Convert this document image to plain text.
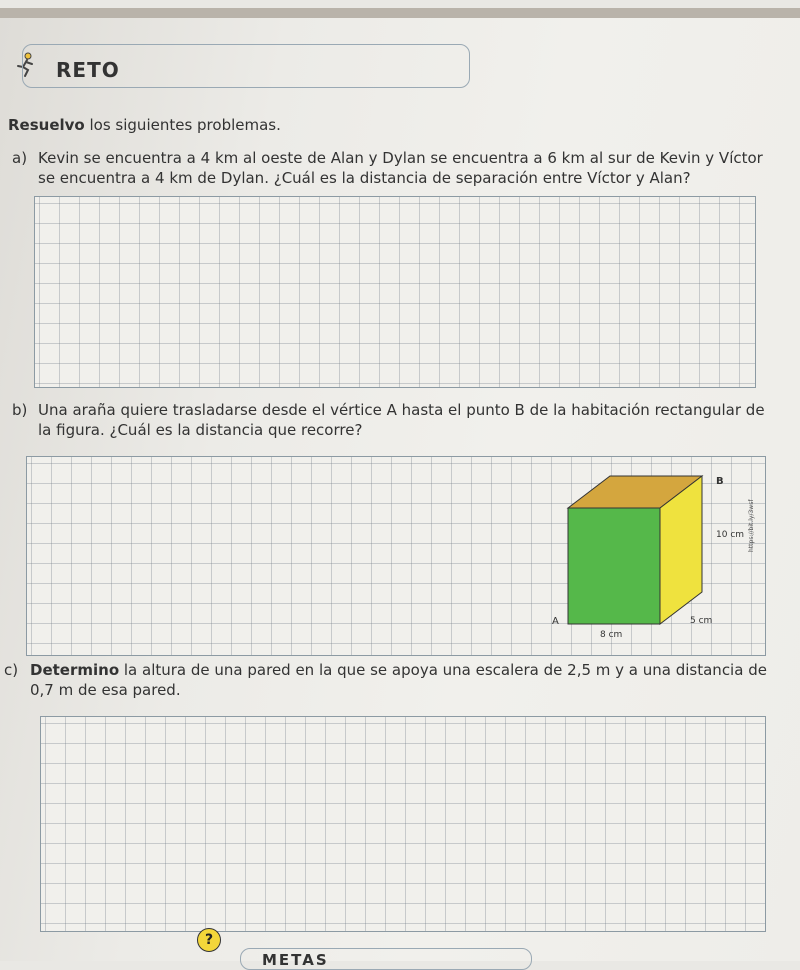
RETO
Resuelvo los siguientes problemas.
a) Kevin se encuentra a 4 km al oeste de Alan y Dylan se encuentra a 6 km al sur de Kevin y Víctor se encuentra a 4 km de Dylan. ¿Cuál es la distancia de separación entre Víctor y Alan?
b) Una araña quiere trasladarse desde el vértice A hasta el punto B de la habitación rectangular de la figura. ¿Cuál es la distancia que recorre?
B
10 cm
A	5 cm
8 cm
https://bit.ly/3wsf
c) Determino la altura de una pared en la que se apoya una escalera de 2,5 m y a una distancia de 0,7 m de esa pared.
?
METAS
